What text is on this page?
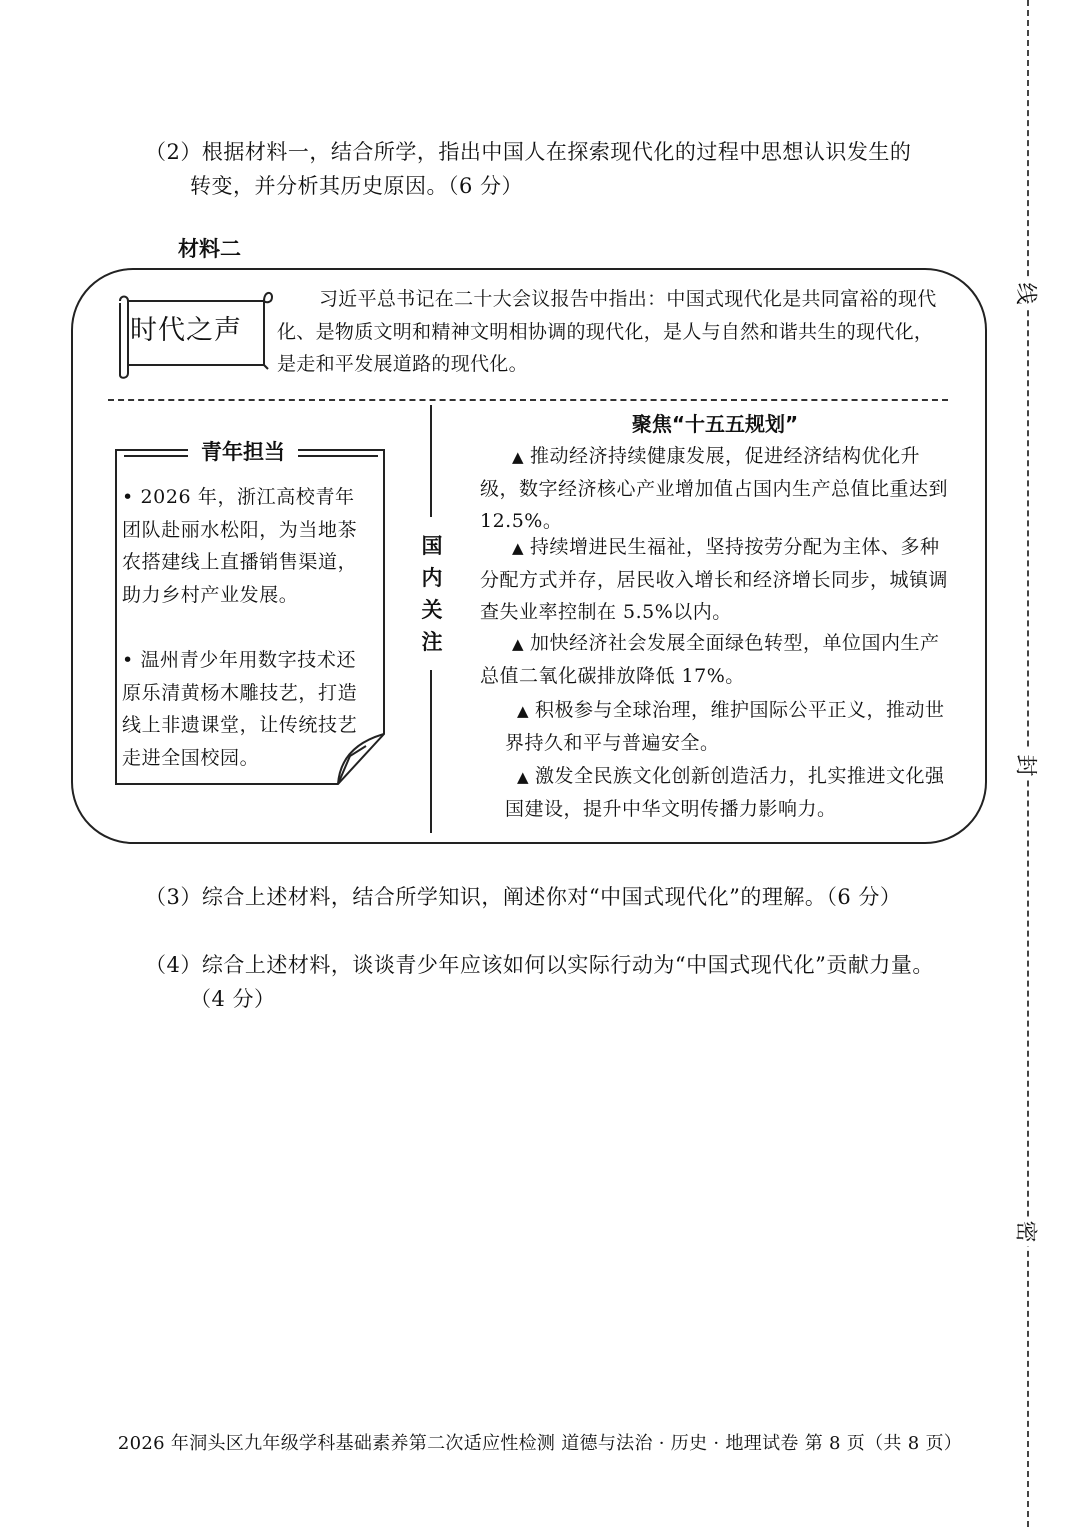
（2）根据材料一，结合所学，指出中国人在探索现代化的过程中思想认识发生的
转变，并分析其历史原因。（6 分）
材料二
时代之声
习近平总书记在二十大会议报告中指出：中国式现代化是共同富裕的现代化、是物质文明和精神文明相协调的现代化，是人与自然和谐共生的现代化，是走和平发展道路的现代化。
青年担当
• 2026 年，浙江高校青年团队赴丽水松阳，为当地茶农搭建线上直播销售渠道，助力乡村产业发展。
• 温州青少年用数字技术还原乐清黄杨木雕技艺，打造线上非遗课堂，让传统技艺走进全国校园。
国内关注
聚焦“十五五规划”
▲ 推动经济持续健康发展，促进经济结构优化升级，数字经济核心产业增加值占国内生产总值比重达到 12.5%。
▲ 持续增进民生福祉，坚持按劳分配为主体、多种分配方式并存，居民收入增长和经济增长同步，城镇调查失业率控制在 5.5%以内。
▲ 加快经济社会发展全面绿色转型，单位国内生产总值二氧化碳排放降低 17%。
▲ 积极参与全球治理，维护国际公平正义，推动世界持久和平与普遍安全。
▲ 激发全民族文化创新创造活力，扎实推进文化强国建设，提升中华文明传播力影响力。
（3）综合上述材料，结合所学知识，阐述你对“中国式现代化”的理解。（6 分）
（4）综合上述材料，谈谈青少年应该如何以实际行动为“中国式现代化”贡献力量。
（4 分）
线
封
密
2026 年洞头区九年级学科基础素养第二次适应性检测 道德与法治 · 历史 · 地理试卷 第 8 页（共 8 页）
